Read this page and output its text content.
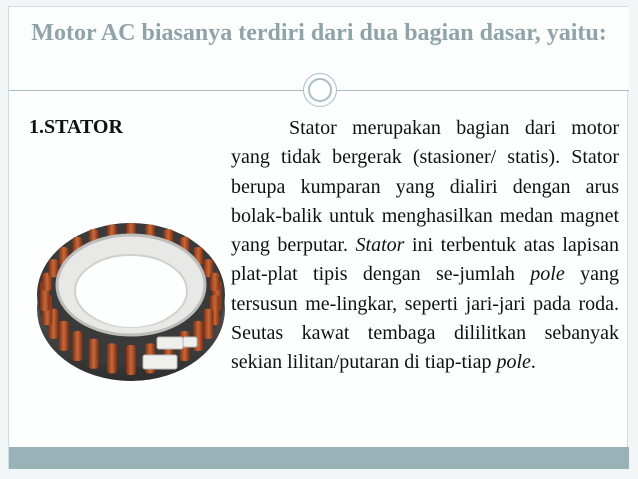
Motor AC biasanya terdiri dari dua bagian dasar, yaitu:
1.STATOR	Stator merupakan bagian dari motor yang tidak bergerak (stasioner/ statis). Stator berupa kumparan yang dialiri dengan arus bolak-balik untuk menghasilkan medan magnet yang berputar. Stator ini terbentuk atas lapisan plat-plat tipis dengan se-jumlah pole yang tersusun me-lingkar, seperti jari-jari pada roda. Seutas kawat tembaga dililitkan sebanyak sekian lilitan/putaran di tiap-tiap pole.
